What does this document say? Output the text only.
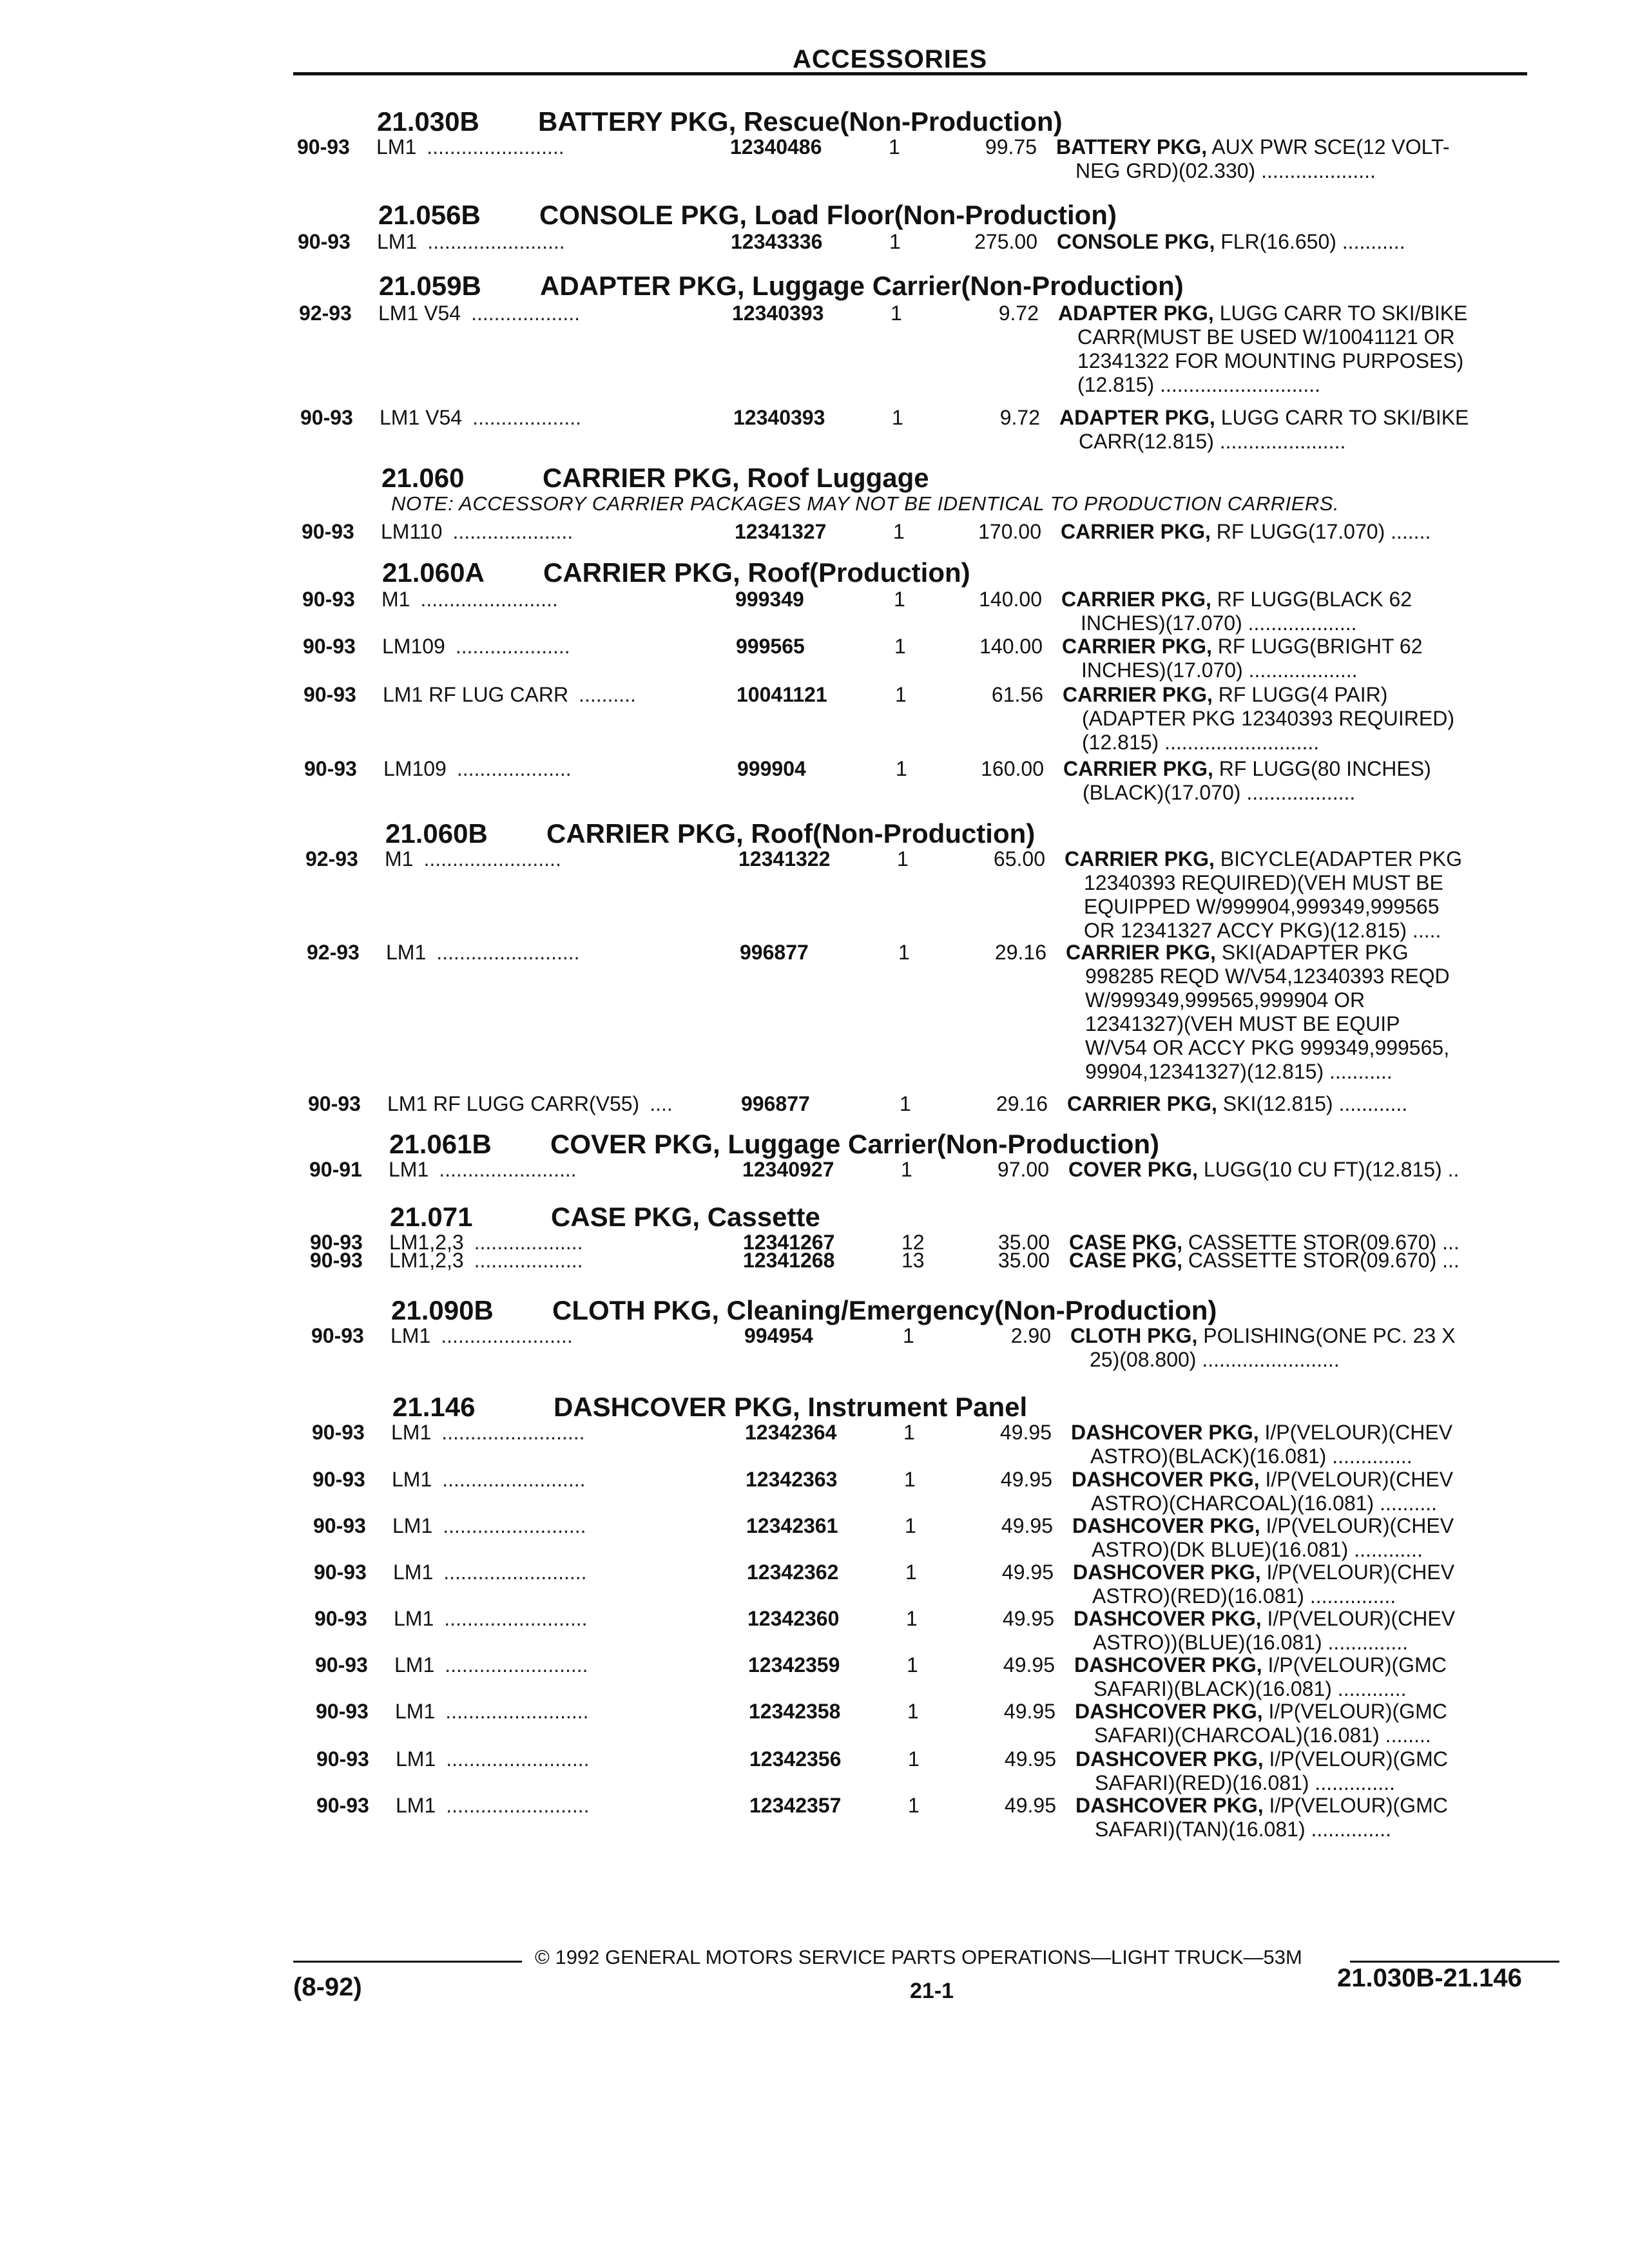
ACCESSORIES
21.030B BATTERY PKG, Rescue(Non-Production)
90-93 LM1 ........................	12340486	1	99.75 BATTERY PKG, AUX PWR SCE(12 VOLT-
NEG GRD)(02.330) ....................
21.056B CONSOLE PKG, Load Floor(Non-Production)
90-93 LM1 ........................	12343336	1	275.00 CONSOLE PKG, FLR(16.650) ...........
21.059B ADAPTER PKG, Luggage Carrier(Non-Production)
92-93 LM1 V54 ...................	12340393	1	9.72 ADAPTER PKG, LUGG CARR TO SKI/BIKE
CARR(MUST BE USED W/10041121 OR
12341322 FOR MOUNTING PURPOSES)
(12.815) ............................
90-93 LM1 V54 ...................	12340393	1	9.72 ADAPTER PKG, LUGG CARR TO SKI/BIKE
CARR(12.815) ......................
21.060	CARRIER PKG, Roof Luggage
NOTE: ACCESSORY CARRIER PACKAGES MAY NOT BE IDENTICAL TO PRODUCTION CARRIERS.
90-93 LM110 .....................	12341327	1	170.00 CARRIER PKG, RF LUGG(17.070) .......
21.060A CARRIER PKG, Roof(Production)
90-93 M1 ........................	999349	1	140.00 CARRIER PKG, RF LUGG(BLACK 62
INCHES)(17.070) ...................
90-93 LM109 ....................	999565	1	140.00 CARRIER PKG, RF LUGG(BRIGHT 62
INCHES)(17.070) ...................
90-93 LM1 RF LUG CARR ..........	10041121	1	61.56 CARRIER PKG, RF LUGG(4 PAIR)
(ADAPTER PKG 12340393 REQUIRED)
(12.815) ...........................
90-93 LM109 ....................	999904	1	160.00 CARRIER PKG, RF LUGG(80 INCHES)
(BLACK)(17.070) ...................
21.060B CARRIER PKG, Roof(Non-Production)
92-93 M1 ........................	12341322	1	65.00 CARRIER PKG, BICYCLE(ADAPTER PKG
12340393 REQUIRED)(VEH MUST BE
EQUIPPED W/999904,999349,999565
OR 12341327 ACCY PKG)(12.815) .....
92-93 LM1 .........................	996877	1	29.16 CARRIER PKG, SKI(ADAPTER PKG
998285 REQD W/V54,12340393 REQD
W/999349,999565,999904 OR
12341327)(VEH MUST BE EQUIP
W/V54 OR ACCY PKG 999349,999565,
99904,12341327)(12.815) ...........
90-93 LM1 RF LUGG CARR(V55) ....	996877	1	29.16 CARRIER PKG, SKI(12.815) ............
21.061B COVER PKG, Luggage Carrier(Non-Production)
90-91 LM1 ........................	12340927	1	97.00 COVER PKG, LUGG(10 CU FT)(12.815) ..
21.071	CASE PKG, Cassette
90-93 LM1,2,3 ...................	12341267	12	35.00 CASE PKG, CASSETTE STOR(09.670) ...
90-93 LM1,2,3 ...................	12341268	13	35.00 CASE PKG, CASSETTE STOR(09.670) ...
21.090B CLOTH PKG, Cleaning/Emergency(Non-Production)
90-93 LM1 .......................	994954	1	2.90 CLOTH PKG, POLISHING(ONE PC. 23 X
25)(08.800) ........................
21.146	DASHCOVER PKG, Instrument Panel
90-93 LM1 .........................	12342364	1	49.95 DASHCOVER PKG, I/P(VELOUR)(CHEV
ASTRO)(BLACK)(16.081) ..............
90-93 LM1 .........................	12342363	1	49.95 DASHCOVER PKG, I/P(VELOUR)(CHEV
ASTRO)(CHARCOAL)(16.081) ..........
90-93 LM1 .........................	12342361	1	49.95 DASHCOVER PKG, I/P(VELOUR)(CHEV
ASTRO)(DK BLUE)(16.081) ............
90-93 LM1 .........................	12342362	1	49.95 DASHCOVER PKG, I/P(VELOUR)(CHEV
ASTRO)(RED)(16.081) ...............
90-93 LM1 .........................	12342360	1	49.95 DASHCOVER PKG, I/P(VELOUR)(CHEV
ASTRO))(BLUE)(16.081) ..............
90-93 LM1 .........................	12342359	1	49.95 DASHCOVER PKG, I/P(VELOUR)(GMC
SAFARI)(BLACK)(16.081) ............
90-93 LM1 .........................	12342358	1	49.95 DASHCOVER PKG, I/P(VELOUR)(GMC
SAFARI)(CHARCOAL)(16.081) ........
90-93 LM1 .........................	12342356	1	49.95 DASHCOVER PKG, I/P(VELOUR)(GMC
SAFARI)(RED)(16.081) ..............
90-93 LM1 .........................	12342357	1	49.95 DASHCOVER PKG, I/P(VELOUR)(GMC
SAFARI)(TAN)(16.081) ..............
© 1992 GENERAL MOTORS SERVICE PARTS OPERATIONS—LIGHT TRUCK—53M
(8-92)	21-1	21.030B-21.146
